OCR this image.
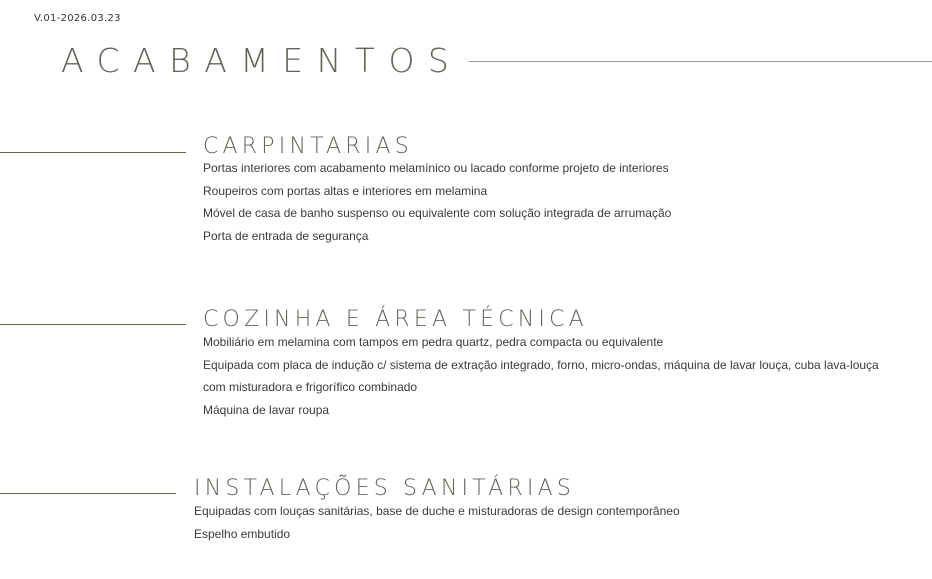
V.01-2026.03.23
ACABAMENTOS
CARPINTARIAS
Portas interiores com acabamento melamínico ou lacado conforme projeto de interiores
Roupeiros com portas altas e interiores em melamina
Móvel de casa de banho suspenso ou equivalente com solução integrada de arrumação
Porta de entrada de segurança
COZINHA E ÁREA TÉCNICA
Mobiliário em melamina com tampos em pedra quartz, pedra compacta ou equivalente
Equipada com placa de indução c/ sistema de extração integrado, forno, micro-ondas, máquina de lavar louça, cuba lava-louça
com misturadora e frigorífico combinado
Máquina de lavar roupa
INSTALAÇÕES SANITÁRIAS
Equipadas com louças sanitárias, base de duche e misturadoras de design contemporâneo
Espelho embutido
